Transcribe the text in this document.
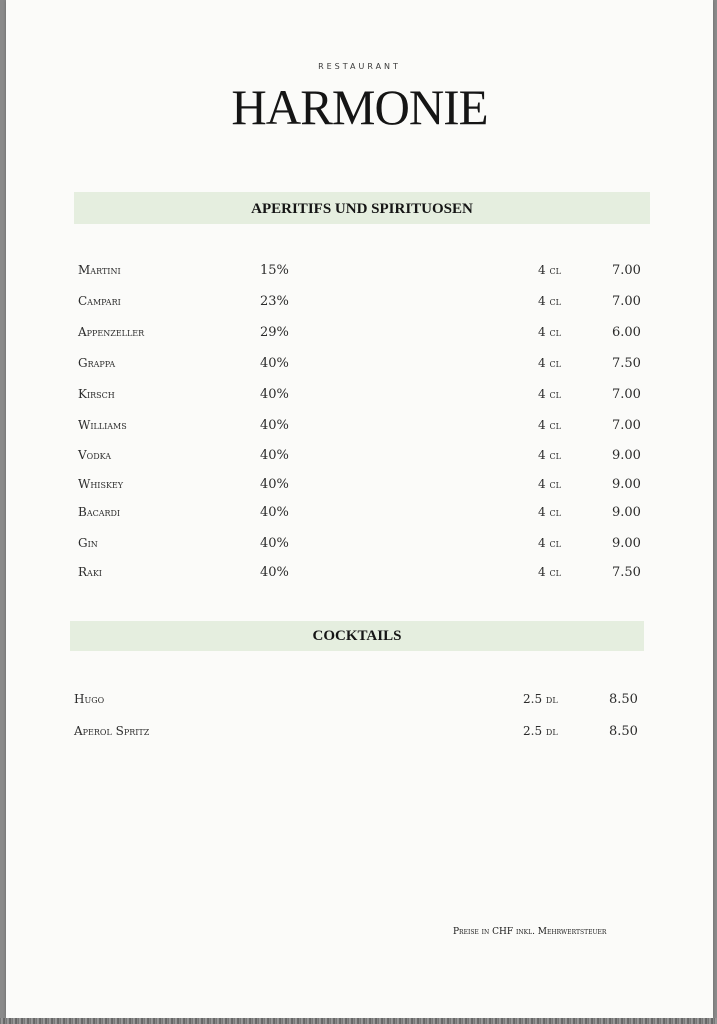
RESTAURANT
HARMONIE
APERITIFS UND SPIRITUOSEN
Martini	15%	4 cl	7.00
Campari	23%	4 cl	7.00
Appenzeller	29%	4 cl	6.00
Grappa	40%	4 cl	7.50
Kirsch	40%	4 cl	7.00
Williams	40%	4 cl	7.00
Vodka	40%	4 cl	9.00
Whiskey	40%	4 cl	9.00
Bacardi	40%	4 cl	9.00
Gin	40%	4 cl	9.00
Raki	40%	4 cl	7.50
COCKTAILS
Hugo	2.5 dl	8.50
Aperol Spritz	2.5 dl	8.50
Preise in CHF inkl. Mehrwertsteuer
